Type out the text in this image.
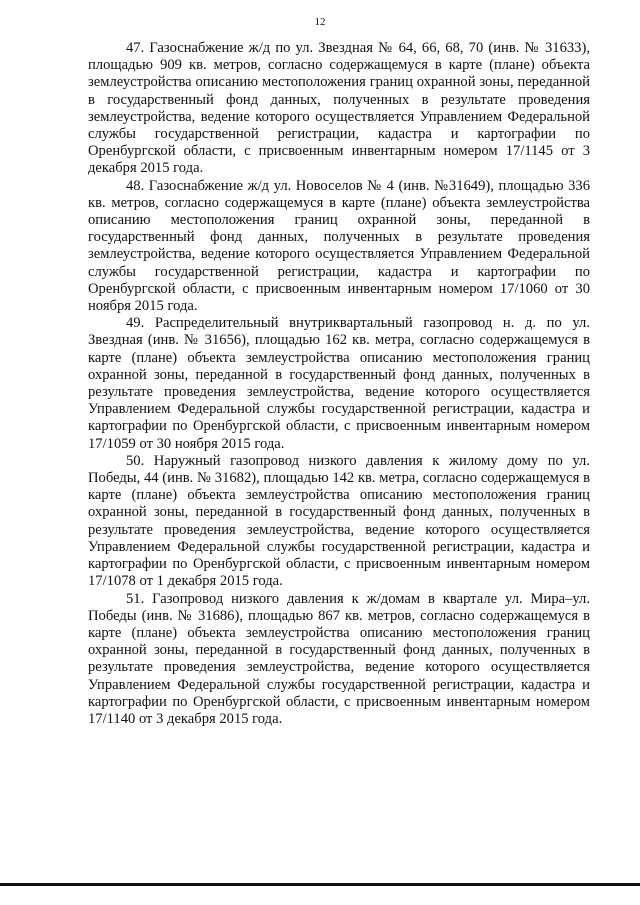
12

47. Газоснабжение ж/д по ул. Звездная № 64, 66, 68, 70 (инв. № 31633), площадью 909 кв. метров, согласно содержащемуся в карте (плане) объекта землеустройства описанию местоположения границ охранной зоны, переданной в государственный фонд данных, полученных в результате проведения землеустройства, ведение которого осуществляется Управлением Федеральной службы государственной регистрации, кадастра и картографии по Оренбургской области, с присвоенным инвентарным номером 17/1145 от 3 декабря 2015 года.

48. Газоснабжение ж/д ул. Новоселов № 4 (инв. №31649), площадью 336 кв. метров, согласно содержащемуся в карте (плане) объекта землеустройства описанию местоположения границ охранной зоны, переданной в государственный фонд данных, полученных в результате проведения землеустройства, ведение которого осуществляется Управлением Федеральной службы государственной регистрации, кадастра и картографии по Оренбургской области, с присвоенным инвентарным номером 17/1060 от 30 ноября 2015 года.

49. Распределительный внутриквартальный газопровод н. д. по ул. Звездная (инв. № 31656), площадью 162 кв. метра, согласно содержащемуся в карте (плане) объекта землеустройства описанию местоположения границ охранной зоны, переданной в государственный фонд данных, полученных в результате проведения землеустройства, ведение которого осуществляется Управлением Федеральной службы государственной регистрации, кадастра и картографии по Оренбургской области, с присвоенным инвентарным номером 17/1059 от 30 ноября 2015 года.

50. Наружный газопровод низкого давления к жилому дому по ул. Победы, 44 (инв. № 31682), площадью 142 кв. метра, согласно содержащемуся в карте (плане) объекта землеустройства описанию местоположения границ охранной зоны, переданной в государственный фонд данных, полученных в результате проведения землеустройства, ведение которого осуществляется Управлением Федеральной службы государственной регистрации, кадастра и картографии по Оренбургской области, с присвоенным инвентарным номером 17/1078 от 1 декабря 2015 года.

51. Газопровод низкого давления к ж/домам в квартале ул. Мира–ул. Победы (инв. № 31686), площадью 867 кв. метров, согласно содержащемуся в карте (плане) объекта землеустройства описанию местоположения границ охранной зоны, переданной в государственный фонд данных, полученных в результате проведения землеустройства, ведение которого осуществляется Управлением Федеральной службы государственной регистрации, кадастра и картографии по Оренбургской области, с присвоенным инвентарным номером 17/1140 от 3 декабря 2015 года.
